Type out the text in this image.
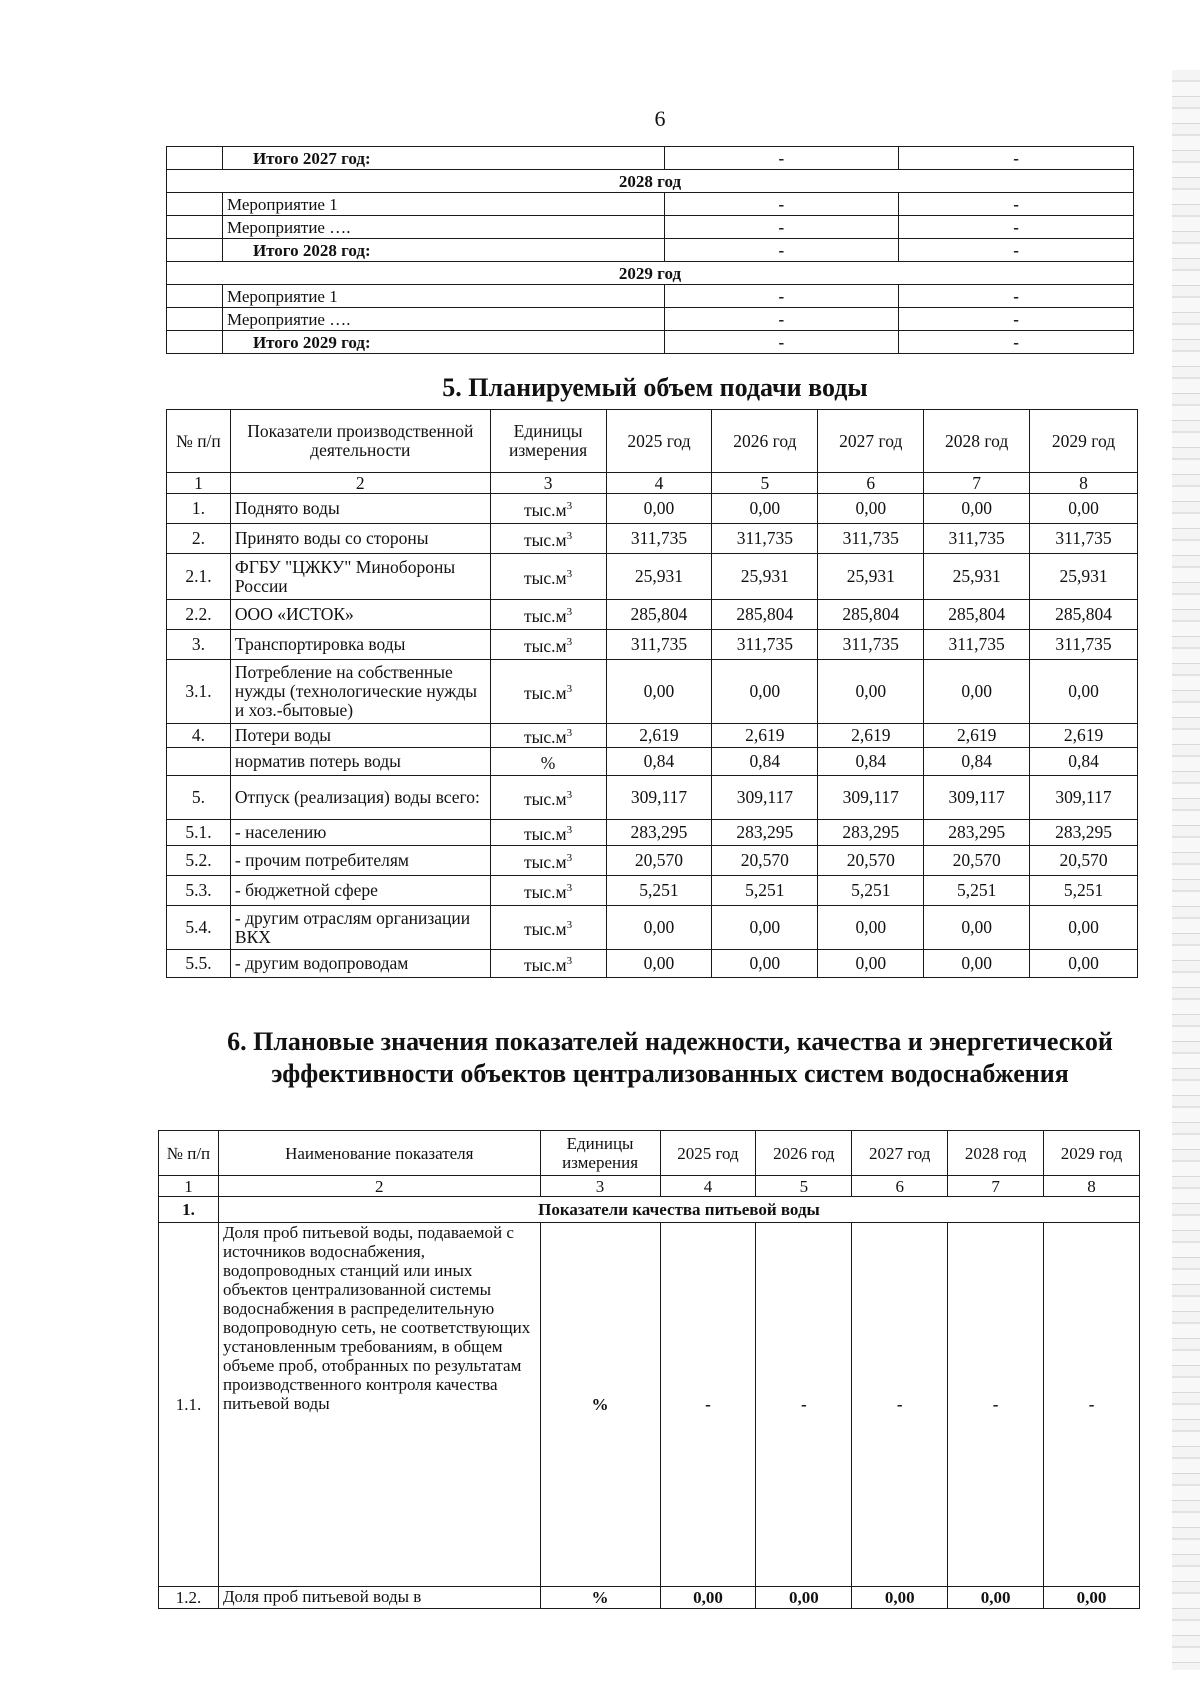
6
	Итого 2027 год:	-	-
2028 год			
	Мероприятие 1	-	-
	Мероприятие ….	-	-
	Итого 2028 год:	-	-
2029 год			
	Мероприятие 1	-	-
	Мероприятие ….	-	-
	Итого 2029 год:	-	-
5. Планируемый объем подачи воды
№ п/п	Показатели производственной деятельности	Единицы измерения	2025 год	2026 год	2027 год	2028 год	2029 год
1	2	3	4	5	6	7	8
1.	Поднято воды	$тыс.м^3$	0,00	0,00	0,00	0,00	0,00
2.	Принято воды со стороны	$тыс.м^3$	311,735	311,735	311,735	311,735	311,735
2.1.	ФГБУ "ЦЖКУ" Минобороны России	$тыс.м^3$	25,931	25,931	25,931	25,931	25,931
2.2.	ООО «ИСТОК»	$тыс.м^3$	285,804	285,804	285,804	285,804	285,804
3.	Транспортировка воды	$тыс.м^3$	311,735	311,735	311,735	311,735	311,735
3.1.	Потребление на собственные нужды (технологические нужды и хоз.-бытовые)	$тыс.м^3$	0,00	0,00	0,00	0,00	0,00
4.	Потери воды	$тыс.м^3$	2,619	2,619	2,619	2,619	2,619
	норматив потерь воды	%	0,84	0,84	0,84	0,84	0,84
5.	Отпуск (реализация) воды всего:	$тыс.м^3$	309,117	309,117	309,117	309,117	309,117
5.1.	- населению	$тыс.м^3$	283,295	283,295	283,295	283,295	283,295
5.2.	- прочим потребителям	$тыс.м^3$	20,570	20,570	20,570	20,570	20,570
5.3.	- бюджетной сфере	$тыс.м^3$	5,251	5,251	5,251	5,251	5,251
5.4.	- другим отраслям организации ВКХ	$тыс.м^3$	0,00	0,00	0,00	0,00	0,00
5.5.	- другим водопроводам	$тыс.м^3$	0,00	0,00	0,00	0,00	0,00
6. Плановые значения показателей надежности, качества и энергетической эффективности объектов централизованных систем водоснабжения
№ п/п	Наименование показателя	Единицы измерения	2025 год	2026 год	2027 год	2028 год	2029 год
1	2	3	4	5	6	7	8
1.	Показатели качества питьевой воды						
1.1.	Доля проб питьевой воды, подаваемой с источников водоснабжения, водопроводных станций или иных объектов централизованной системы водоснабжения в распределительную водопроводную сеть, не соответствующих установленным требованиям, в общем объеме проб, отобранных по результатам производственного контроля качества питьевой воды	%	-	-	-	-	-
1.2.	Доля проб питьевой воды в	%	0,00	0,00	0,00	0,00	0,00
